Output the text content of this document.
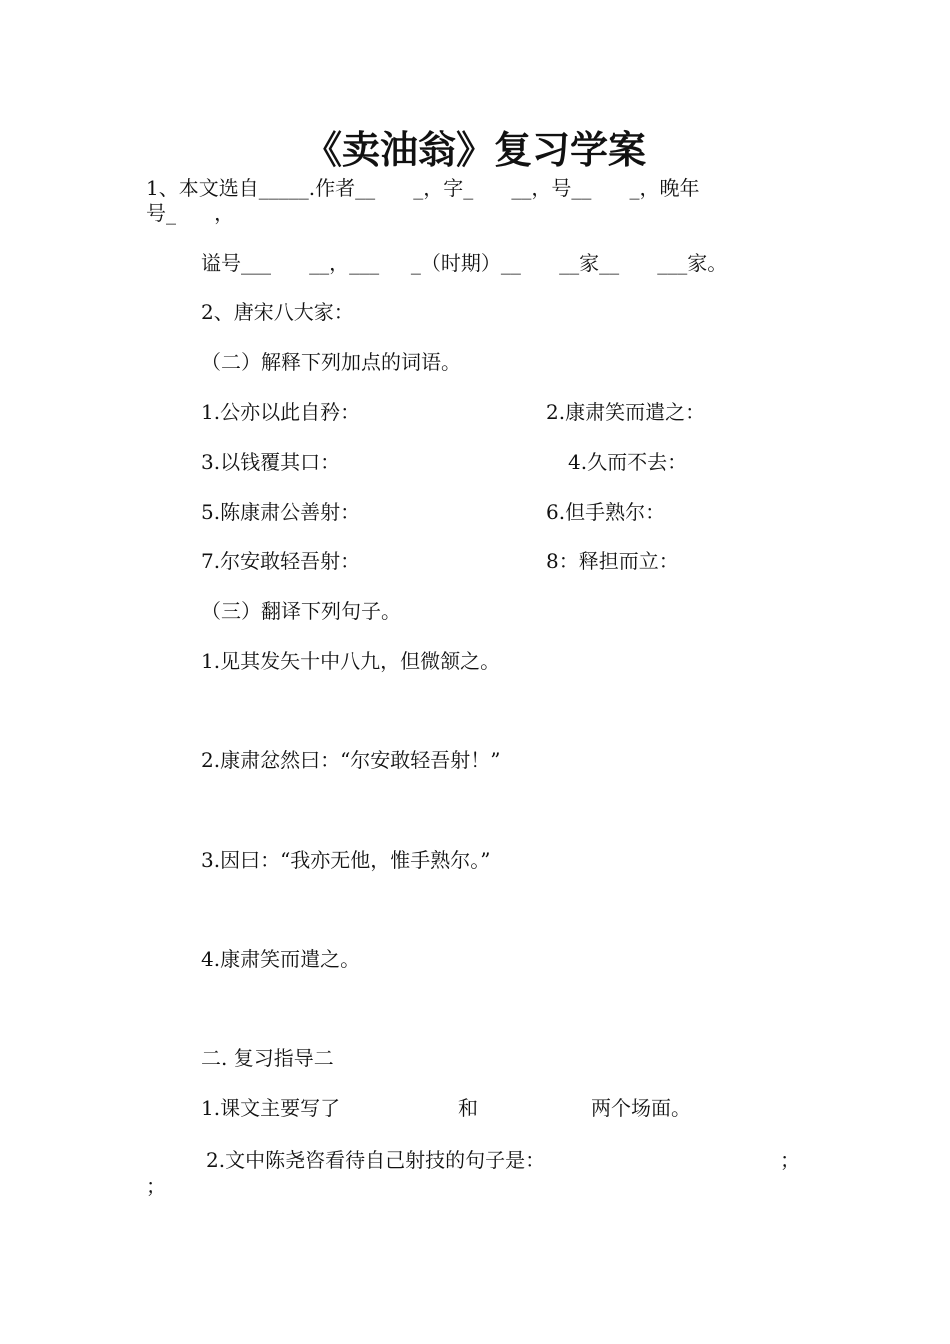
《卖油翁》复习学案
1、本文选自_____.作者__      _，字_      __，号__      _，晚年
号_      ，
谥号___      __，___     _（时期）__      __家__      ___家。
2、唐宋八大家：
（二）解释下列加点的词语。
1.公亦以此自矜：	2.康肃笑而遣之：
3.以钱覆其口：	4.久而不去：
5.陈康肃公善射：	6.但手熟尔：
7.尔安敢轻吾射：	8：释担而立：
（三）翻译下列句子。
1.见其发矢十中八九，但微颔之。
2.康肃忿然曰：“尔安敢轻吾射！”
3.因曰：“我亦无他，惟手熟尔。”
4.康肃笑而遣之。
二. 复习指导二
1.课文主要写了	和	两个场面。
2.文中陈尧咨看待自己射技的句子是：	；
；
